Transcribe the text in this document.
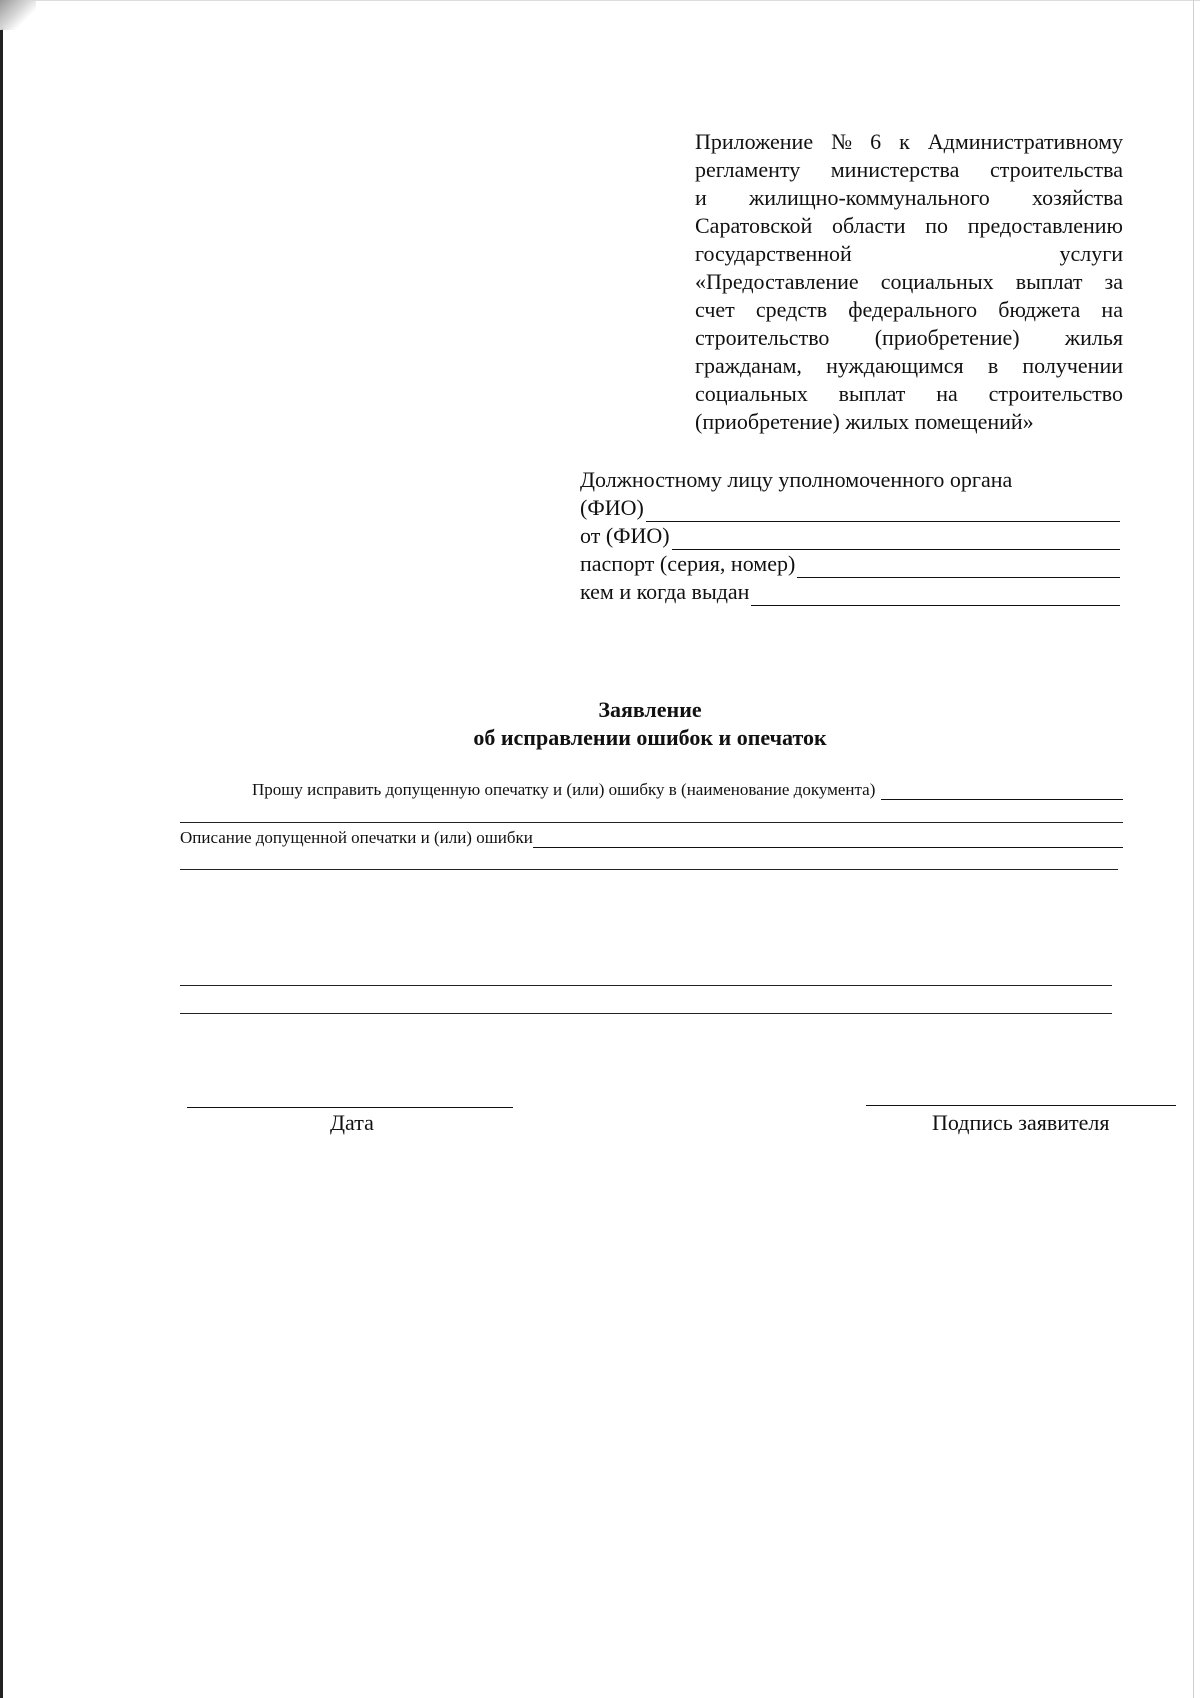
Приложение № 6 к Административному
регламенту министерства строительства
и жилищно-коммунального хозяйства
Саратовской области по предоставлению
государственной	услуги
«Предоставление социальных выплат за
счет средств федерального бюджета на
строительство (приобретение) жилья
гражданам, нуждающимся в получении
социальных выплат на строительство
(приобретение) жилых помещений»
Должностному лицу уполномоченного органа
(ФИО)
от (ФИО)
паспорт (серия, номер)
кем и когда выдан
Заявление
об исправлении ошибок и опечаток
Прошу исправить допущенную опечатку и (или) ошибку в (наименование документа)
Описание допущенной опечатки и (или) ошибки
Дата	Подпись заявителя
